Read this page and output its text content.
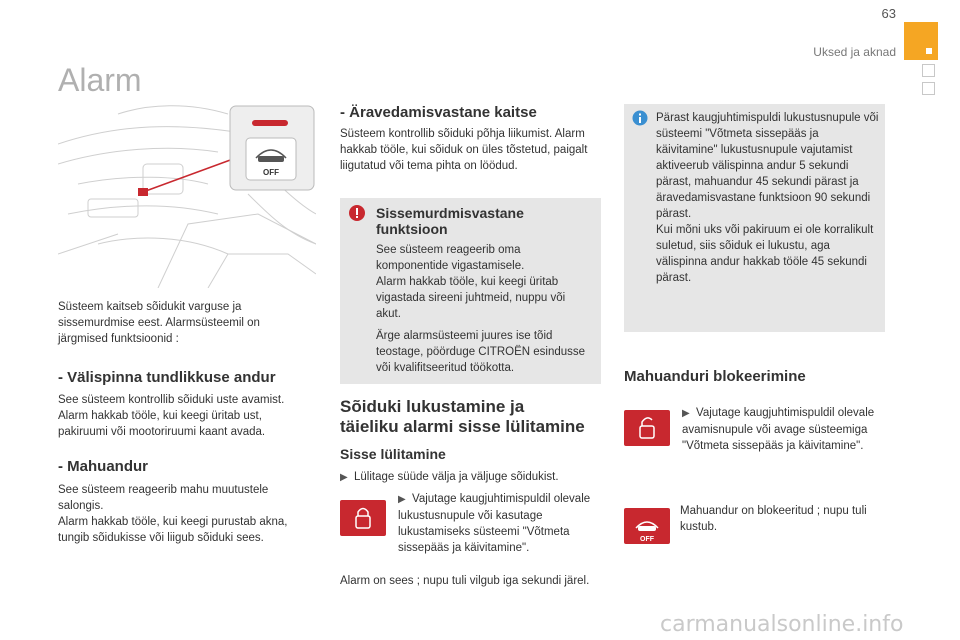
63
Uksed ja aknad
Alarm
OFF

Süsteem kaitseb sõidukit varguse ja sissemurdmise eest. Alarmsüsteemil on järgmised funktsioonid :

- Välispinna tundlikkuse andur

See süsteem kontrollib sõiduki uste avamist. Alarm hakkab tööle, kui keegi üritab ust, pakiruumi või mootoriruumi kaant avada.

- Mahuandur

See süsteem reageerib mahu muutustele salongis.

Alarm hakkab tööle, kui keegi purustab akna, tungib sõidukisse või liigub sõiduki sees.

- Äravedamisvastane kaitse

Süsteem kontrollib sõiduki põhja liikumist. Alarm hakkab tööle, kui sõiduk on üles tõstetud, paigalt liigutatud või tema pihta on löödud.

Sissemurdmisvastane
funktsioon

See süsteem reageerib oma komponentide vigastamisele.

Alarm hakkab tööle, kui keegi üritab vigastada sireeni juhtmeid, nuppu või akut.

Ärge alarmsüsteemi juures ise tõid teostage, pöörduge CITROËN esindusse või kvalifitseeritud töökotta.

Sõiduki lukustamine ja
täieliku alarmi sisse lülitamine
Sisse lülitamine
▶ Lülitage süüde välja ja väljuge sõidukist.
▶ Vajutage kaugjuhtimispuldil olevale lukustusnupule või kasutage lukustamiseks süsteemi "Võtmeta sissepääs ja käivitamine".

Alarm on sees ; nupu tuli vilgub iga sekundi järel.

Pärast kaugjuhtimispuldi lukustusnupule või süsteemi "Võtmeta sissepääs ja käivitamine" lukustusnupule vajutamist aktiveerub välispinna andur 5 sekundi pärast, mahuandur 45 sekundi pärast ja äravedamisvastane funktsioon 90 sekundi pärast.

Kui mõni uks või pakiruum ei ole korralikult suletud, siis sõiduk ei lukustu, aga välispinna andur hakkab tööle 45 sekundi pärast.

Mahuanduri blokeerimine
▶ Vajutage kaugjuhtimispuldil olevale avamisnupule või avage süsteemiga "Võtmeta sissepääs ja käivitamine".
OFF

Mahuandur on blokeeritud ; nupu tuli kustub.

carmanualsonline.info
